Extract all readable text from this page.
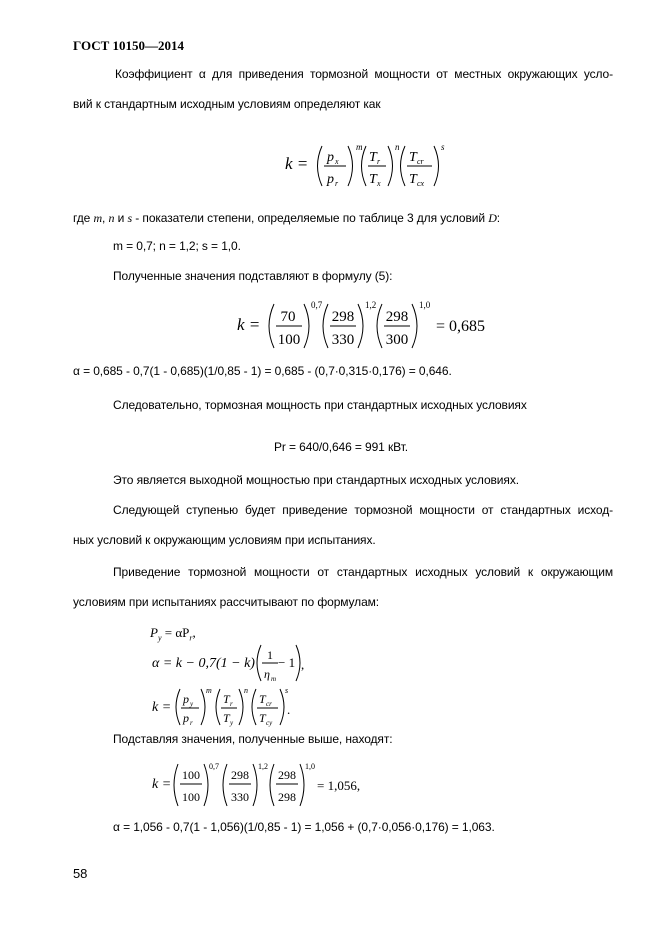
ГОСТ 10150—2014
Коэффициент α для приведения тормозной мощности от местных окружающих усло-
вий к стандартным исходным условиям определяют как
k = p x
p r
m
T r
T x
n
T cr
T cx
s
где m, n и s - показатели степени, определяемые по таблице 3 для условий D:
m = 0,7; n = 1,2; s = 1,0.
Полученные значения подставляют в формулу (5):
k = 70
100
0,7
298
330
1,2
298
300
1,0
= 0,685
α = 0,685 - 0,7(1 - 0,685)(1/0,85 - 1) = 0,685 - (0,7·0,315·0,176) = 0,646.
Следовательно, тормозная мощность при стандартных исходных условиях
Pr = 640/0,646 = 991 кВт.
Это является выходной мощностью при стандартных исходных условиях.
Следующей ступенью будет приведение тормозной мощности от стандартных исход-
ных условий к окружающим условиям при испытаниях.
Приведение тормозной мощности от стандартных исходных условий к окружающим
условиям при испытаниях рассчитывают по формулам:
$P_y = \alpha P_r$,
α = k − 0,7(1 − k)
1
η m
− 1 ,
k =
p y
p r
m
T r
T y
n
T cr
T cy
s
.
Подставляя значения, полученные выше, находят:
k =
100
100
0,7
298
330
1,2
298
298
1,0
= 1,056,
α = 1,056 - 0,7(1 - 1,056)(1/0,85 - 1) = 1,056 + (0,7·0,056·0,176) = 1,063.
58
